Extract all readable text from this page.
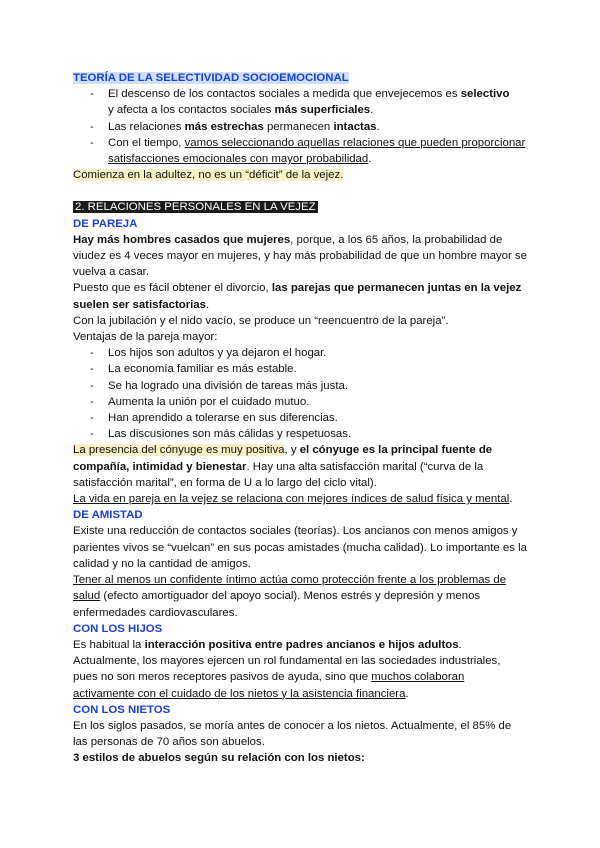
TEORÍA DE LA SELECTIVIDAD SOCIOEMOCIONAL

- El descenso de los contactos sociales a medida que envejecemos es selectivo
y afecta a los contactos sociales más superficiales.
- Las relaciones más estrechas permanecen intactas.
- Con el tiempo, vamos seleccionando aquellas relaciones que pueden proporcionar satisfacciones emocionales con mayor probabilidad.

Comienza en la adultez, no es un “déficit” de la vejez.

2. RELACIONES PERSONALES EN LA VEJEZ

DE PAREJA

Hay más hombres casados que mujeres, porque, a los 65 años, la probabilidad de viudez es 4 veces mayor en mujeres, y hay más probabilidad de que un hombre mayor se vuelva a casar.

Puesto que es fácil obtener el divorcio, las parejas que permanecen juntas en la vejez suelen ser satisfactorias.

Con la jubilación y el nido vacío, se produce un “reencuentro de la pareja”.

Ventajas de la pareja mayor:

- Los hijos son adultos y ya dejaron el hogar.
- La economía familiar es más estable.
- Se ha logrado una división de tareas más justa.
- Aumenta la unión por el cuidado mutuo.
- Han aprendido a tolerarse en sus diferencias.
- Las discusiones son más cálidas y respetuosas.

La presencia del cónyuge es muy positiva, y el cónyuge es la principal fuente de compañía, intimidad y bienestar. Hay una alta satisfacción marital (“curva de la satisfacción marital”, en forma de U a lo largo del ciclo vital).

La vida en pareja en la vejez se relaciona con mejores índices de salud física y mental.

DE AMISTAD

Existe una reducción de contactos sociales (teorías). Los ancianos con menos amigos y parientes vivos se “vuelcan” en sus pocas amistades (mucha calidad). Lo importante es la calidad y no la cantidad de amigos.

Tener al menos un confidente íntimo actúa como protección frente a los problemas de salud (efecto amortiguador del apoyo social). Menos estrés y depresión y menos enfermedades cardiovasculares.

CON LOS HIJOS

Es habitual la interacción positiva entre padres ancianos e hijos adultos.

Actualmente, los mayores ejercen un rol fundamental en las sociedades industriales, pues no son meros receptores pasivos de ayuda, sino que muchos colaboran activamente con el cuidado de los nietos y la asistencia financiera.

CON LOS NIETOS

En los siglos pasados, se moría antes de conocer a los nietos. Actualmente, el 85% de las personas de 70 años son abuelos.

3 estilos de abuelos según su relación con los nietos:
